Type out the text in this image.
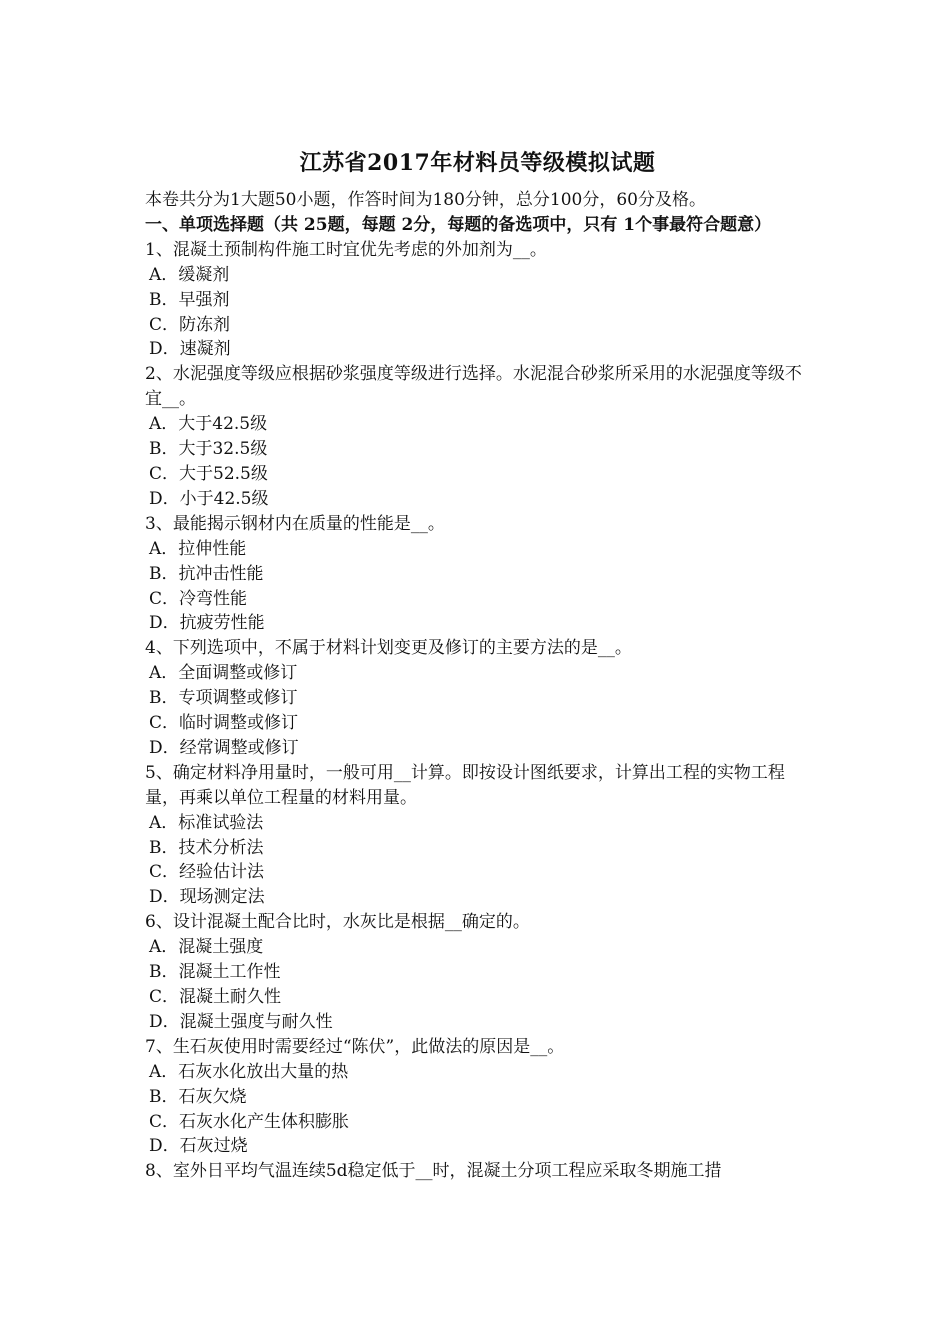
江苏省2017年材料员等级模拟试题

本卷共分为1大题50小题，作答时间为180分钟，总分100分，60分及格。

一、单项选择题（共 25题，每题 2分，每题的备选项中，只有 1个事最符合题意）

1、混凝土预制构件施工时宜优先考虑的外加剂为__。

A．缓凝剂
B．早强剂
C．防冻剂
D．速凝剂

2、水泥强度等级应根据砂浆强度等级进行选择。水泥混合砂浆所采用的水泥强度等级不宜__。

A．大于42.5级
B．大于32.5级
C．大于52.5级
D．小于42.5级

3、最能揭示钢材内在质量的性能是__。

A．拉伸性能
B．抗冲击性能
C．冷弯性能
D．抗疲劳性能

4、下列选项中，不属于材料计划变更及修订的主要方法的是__。

A．全面调整或修订
B．专项调整或修订
C．临时调整或修订
D．经常调整或修订

5、确定材料净用量时，一般可用__计算。即按设计图纸要求，计算出工程的实物工程量，再乘以单位工程量的材料用量。

A．标准试验法
B．技术分析法
C．经验估计法
D．现场测定法

6、设计混凝土配合比时，水灰比是根据__确定的。

A．混凝土强度
B．混凝土工作性
C．混凝土耐久性
D．混凝土强度与耐久性

7、生石灰使用时需要经过“陈伏”，此做法的原因是__。

A．石灰水化放出大量的热
B．石灰欠烧
C．石灰水化产生体积膨胀
D．石灰过烧

8、室外日平均气温连续5d稳定低于__时，混凝土分项工程应采取冬期施工措
